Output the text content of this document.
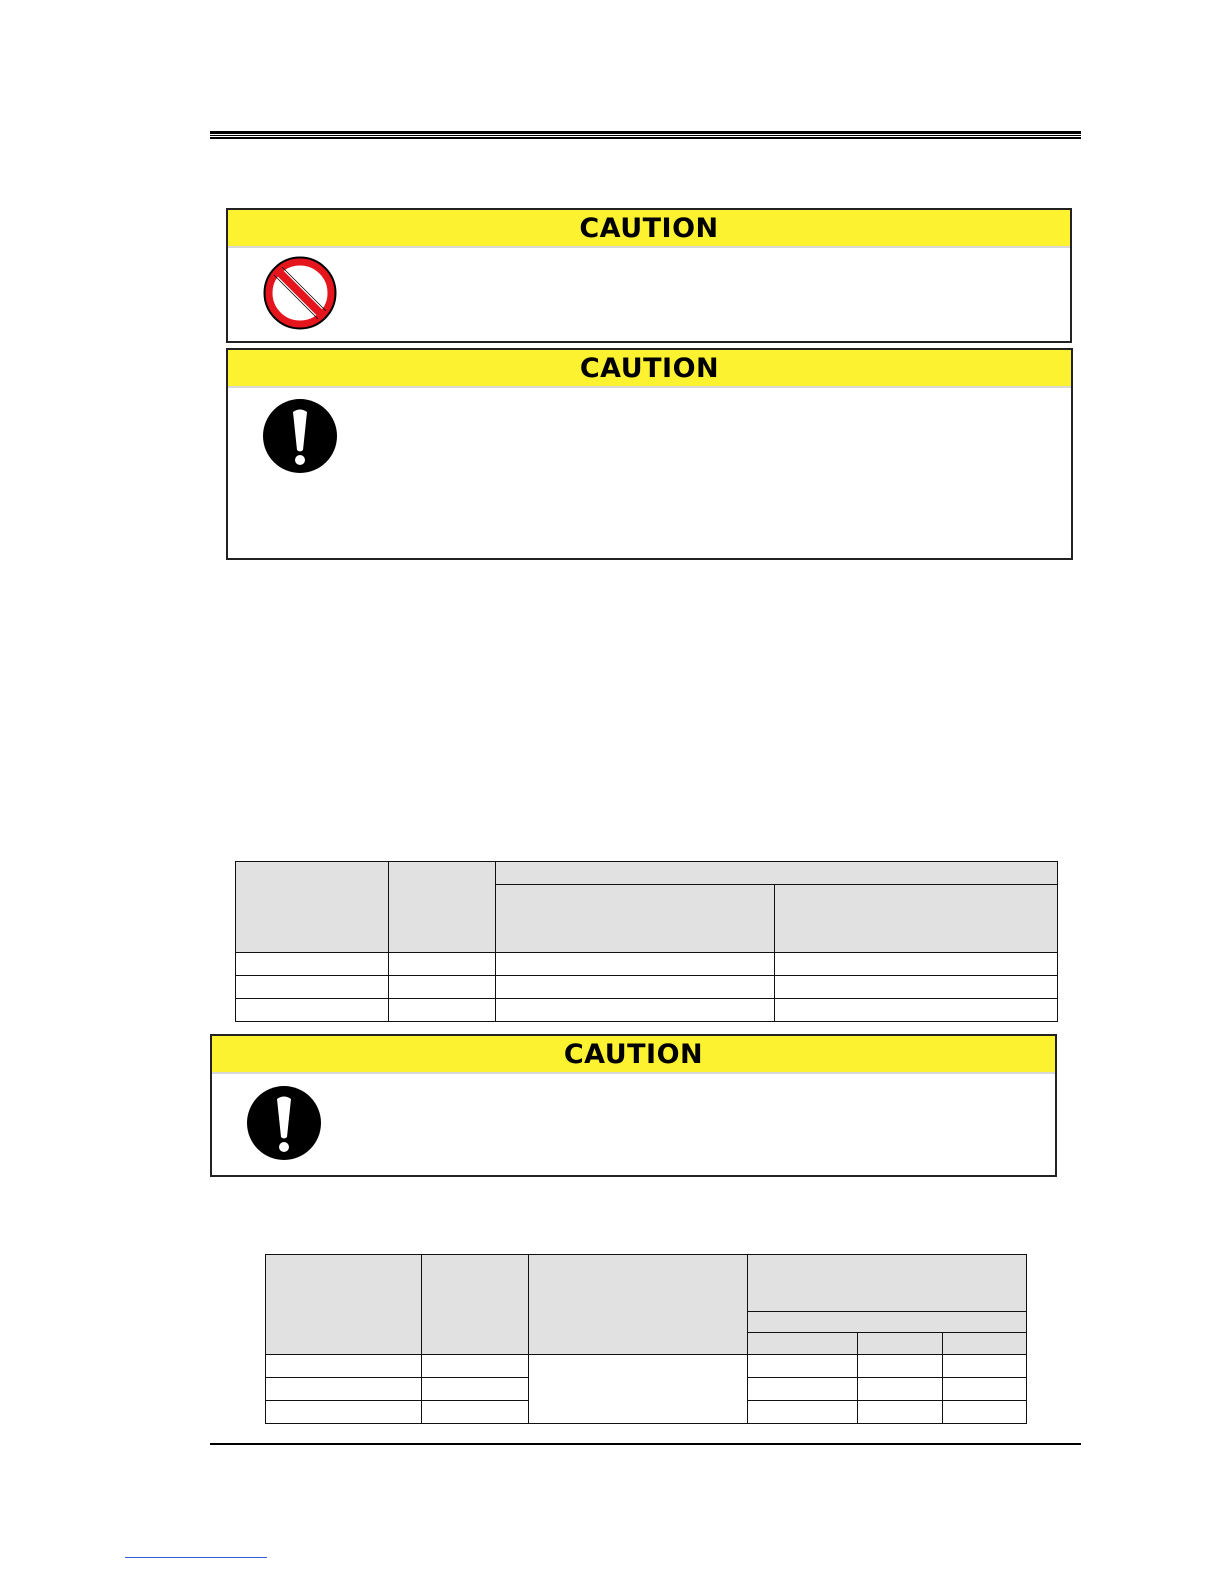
CAUTION
CAUTION

CAUTION
